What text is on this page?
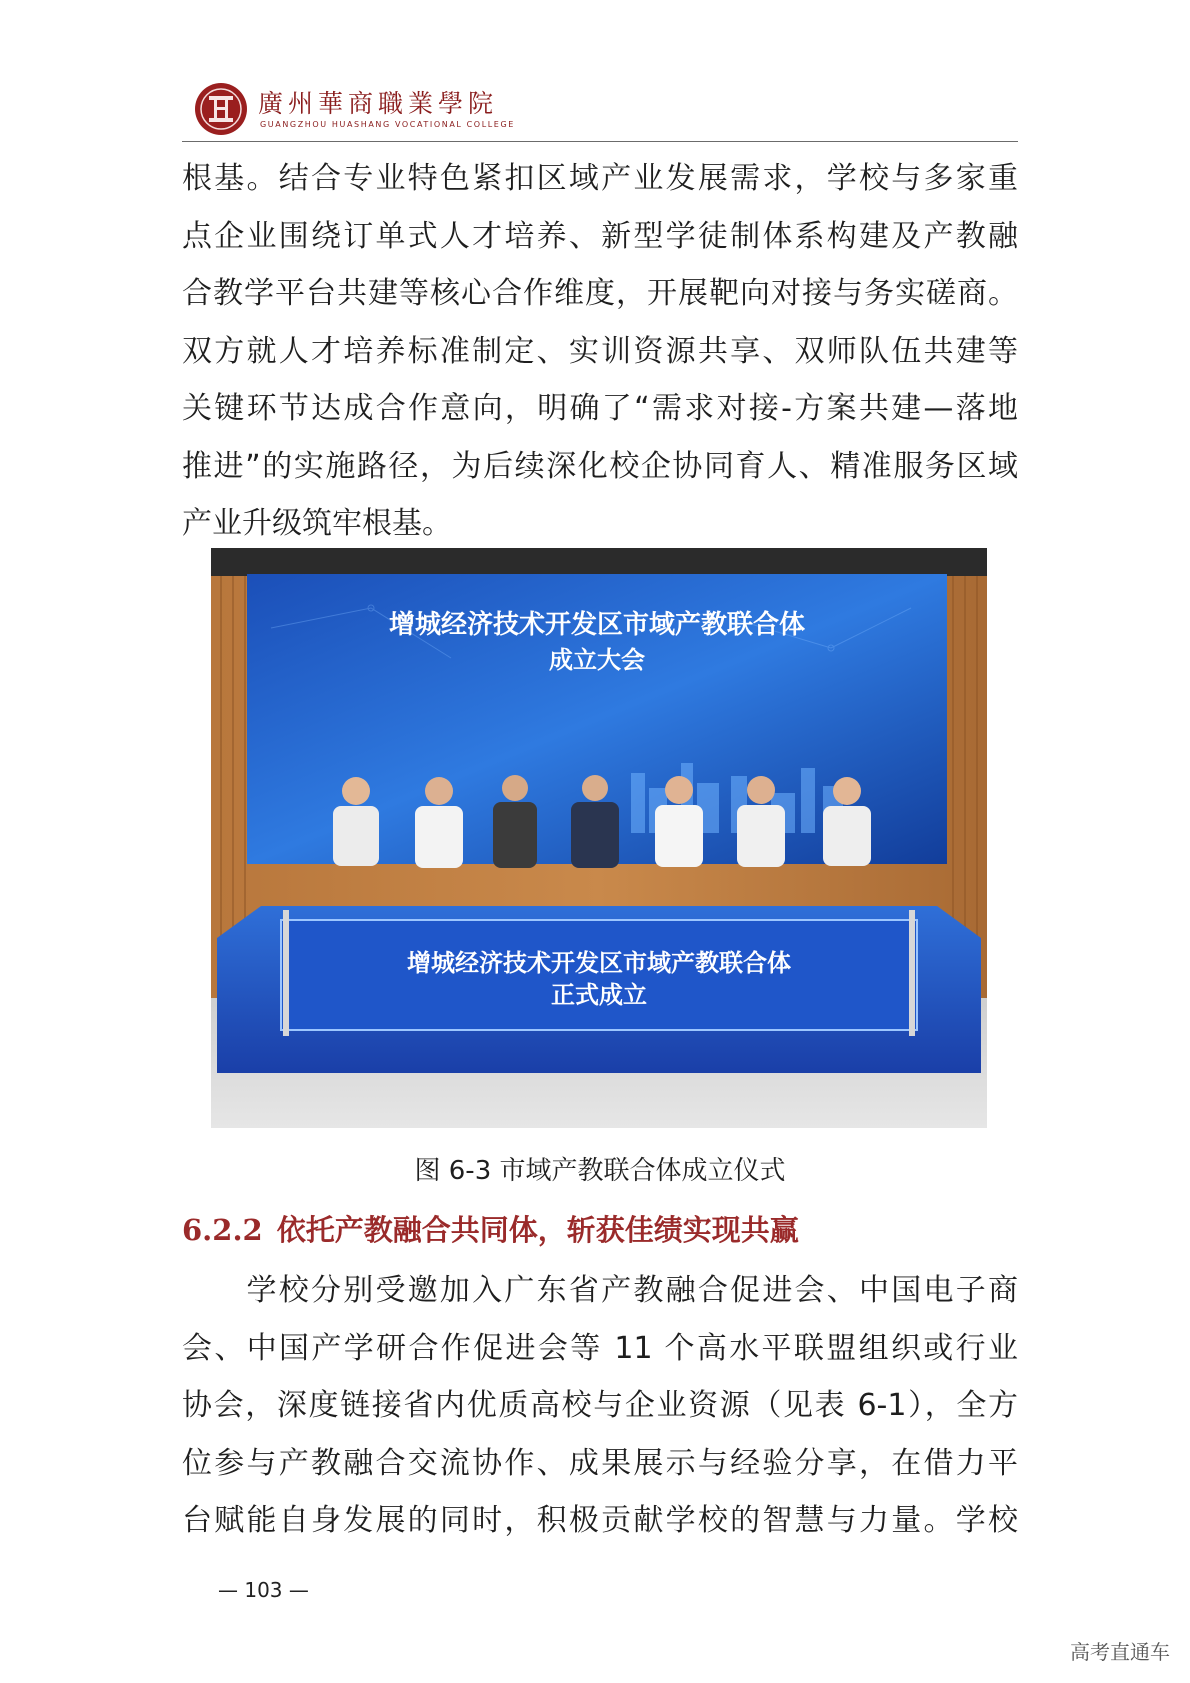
廣州華商職業學院
GUANGZHOU HUASHANG VOCATIONAL COLLEGE

根基。结合专业特色紧扣区域产业发展需求，学校与多家重

点企业围绕订单式人才培养、新型学徒制体系构建及产教融

合教学平台共建等核心合作维度，开展靶向对接与务实磋商。

双方就人才培养标准制定、实训资源共享、双师队伍共建等

关键环节达成合作意向，明确了“需求对接-方案共建—落地

推进”的实施路径，为后续深化校企协同育人、精准服务区域

产业升级筑牢根基。

增城经济技术开发区市域产教联合体
成立大会
增城经济技术开发区市域产教联合体
正式成立
图 6-3 市域产教联合体成立仪式
6.2.2 依托产教融合共同体，斩获佳绩实现共赢

　　学校分别受邀加入广东省产教融合促进会、中国电子商

会、中国产学研合作促进会等 11 个高水平联盟组织或行业

协会，深度链接省内优质高校与企业资源（见表 6-1），全方

位参与产教融合交流协作、成果展示与经验分享，在借力平

台赋能自身发展的同时，积极贡献学校的智慧与力量。学校

— 103 —
高考直通车
